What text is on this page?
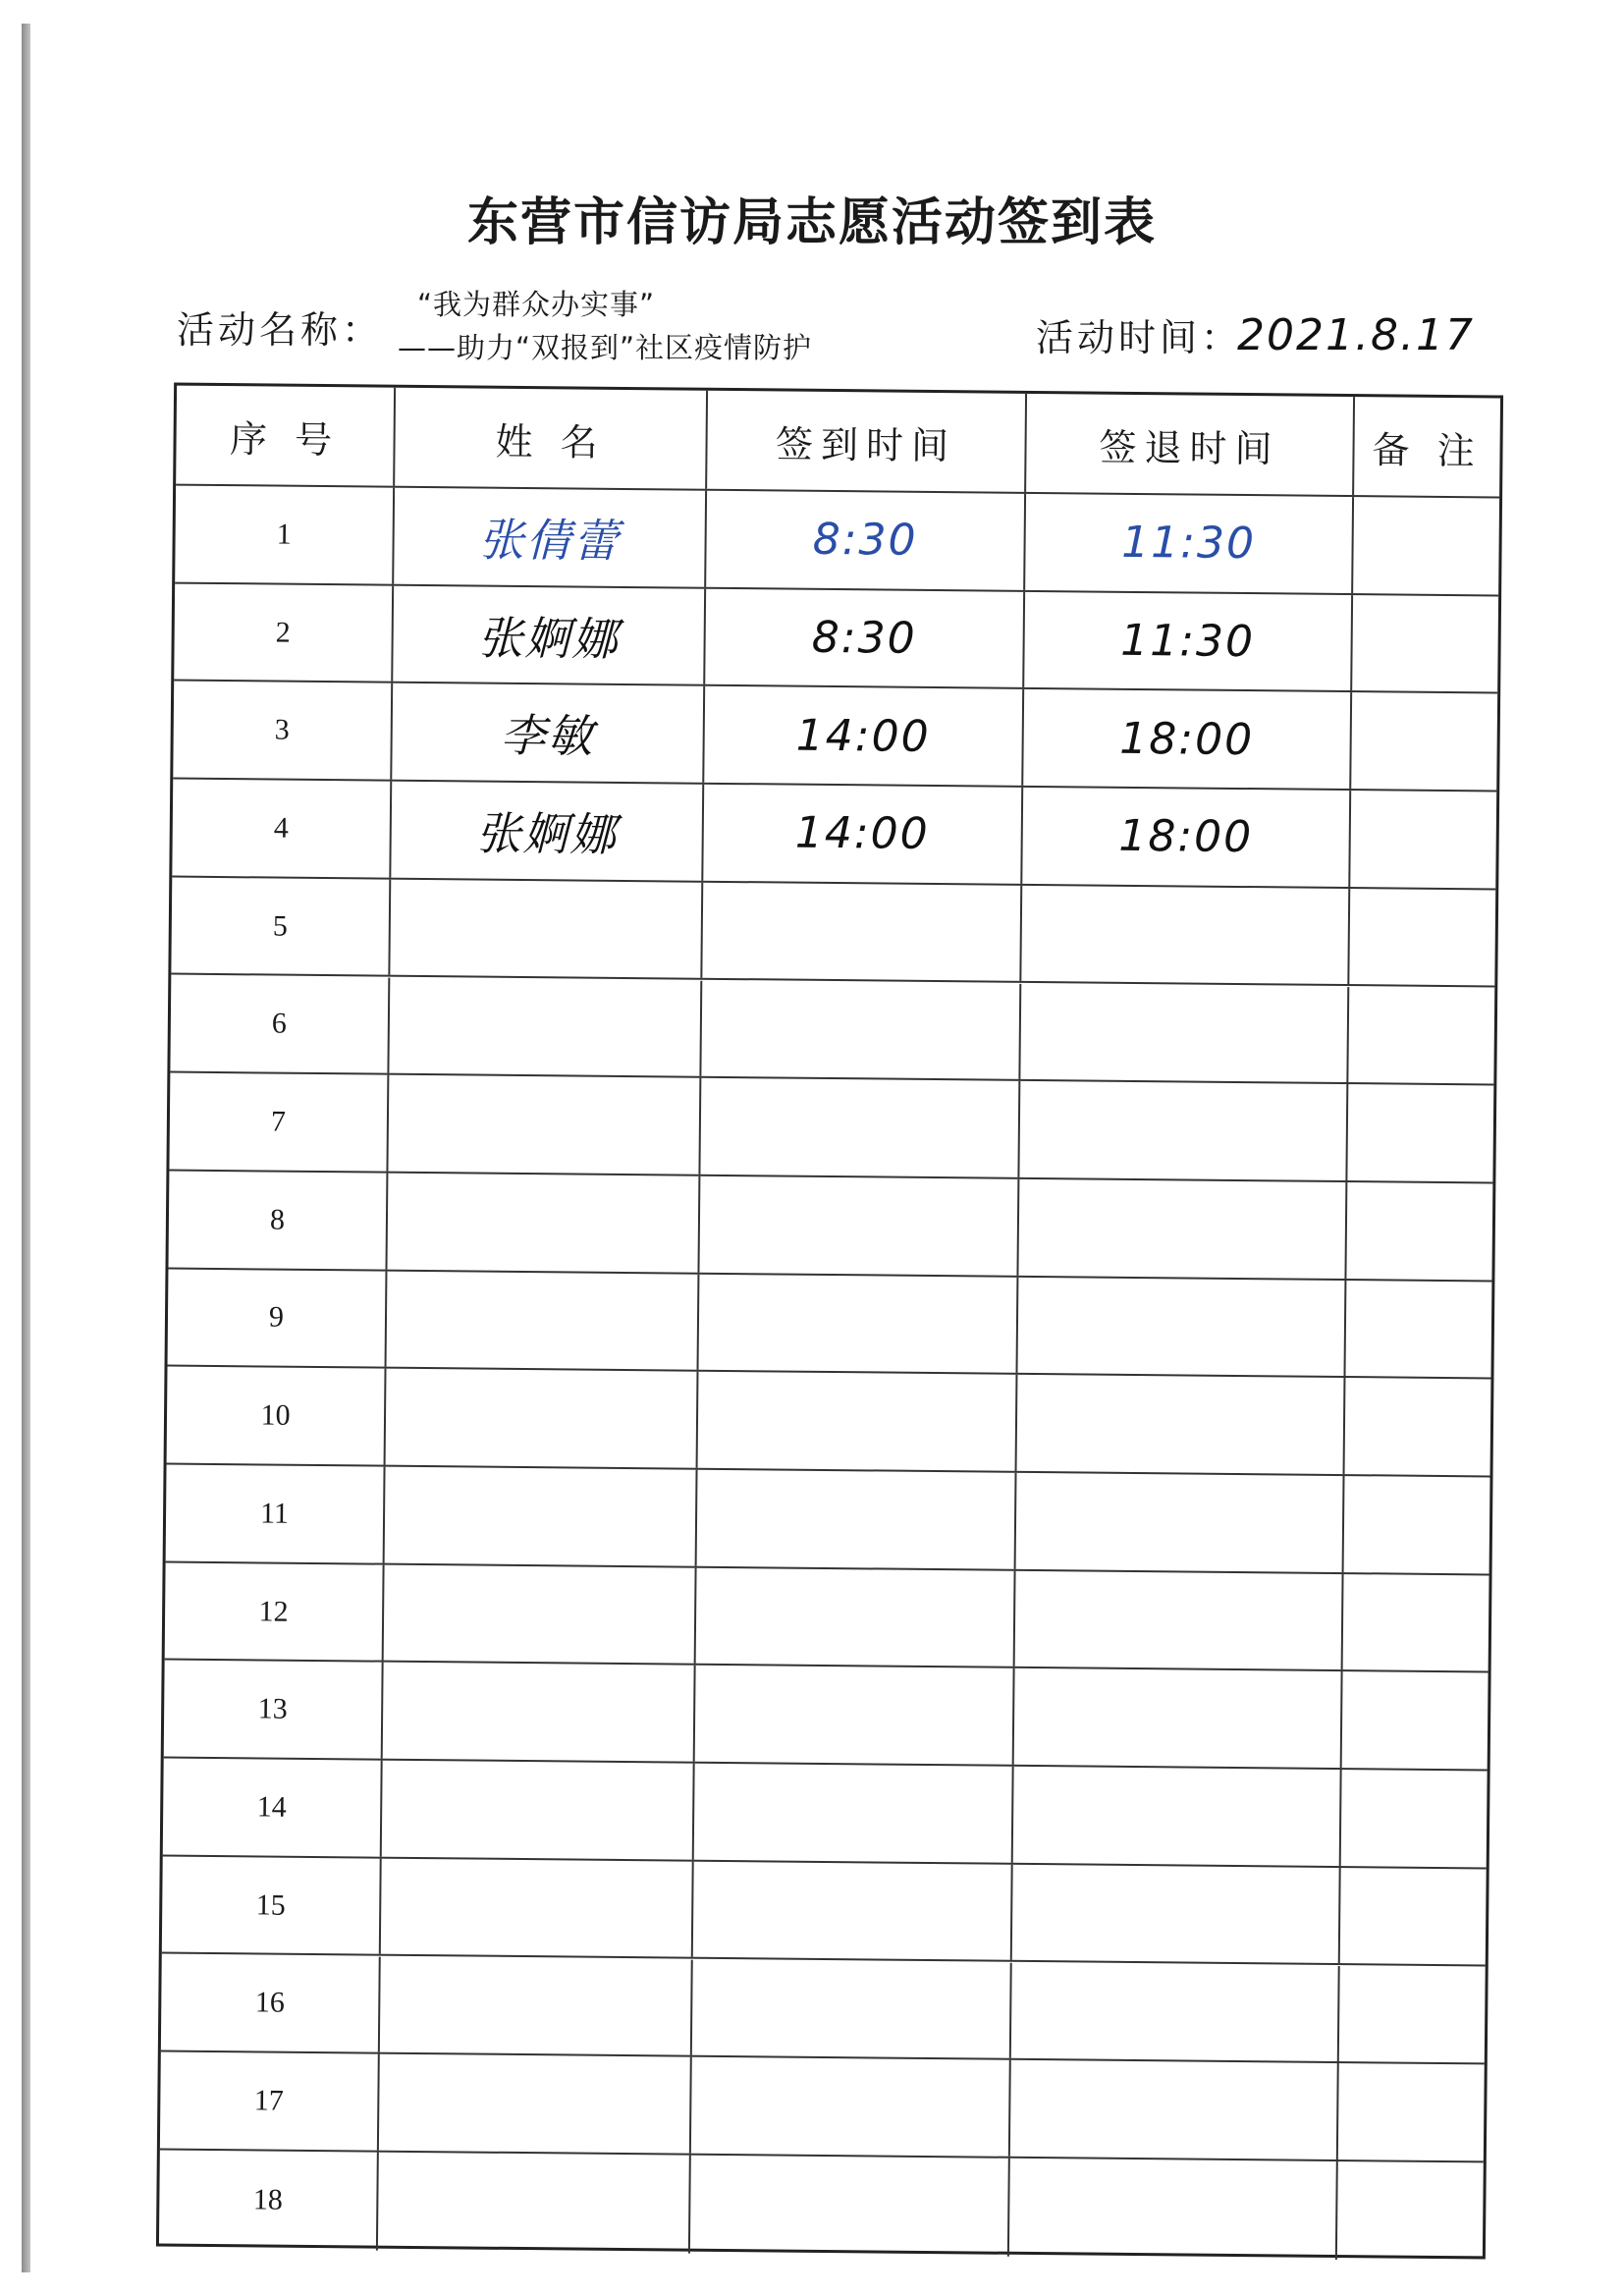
东营市信访局志愿活动签到表
活动名称：
“我为群众办实事”
——助力“双报到”社区疫情防护	活动时间：
2021.8.17
序 号	姓 名	签到时间	签退时间	备 注
1	张倩蕾	8:30	11:30
2	张婀娜	8:30	11:30
3	李敏	14:00	18:00
4	张婀娜	14:00	18:00
5
6
7
8
9
10
11
12
13
14
15
16
17
18
